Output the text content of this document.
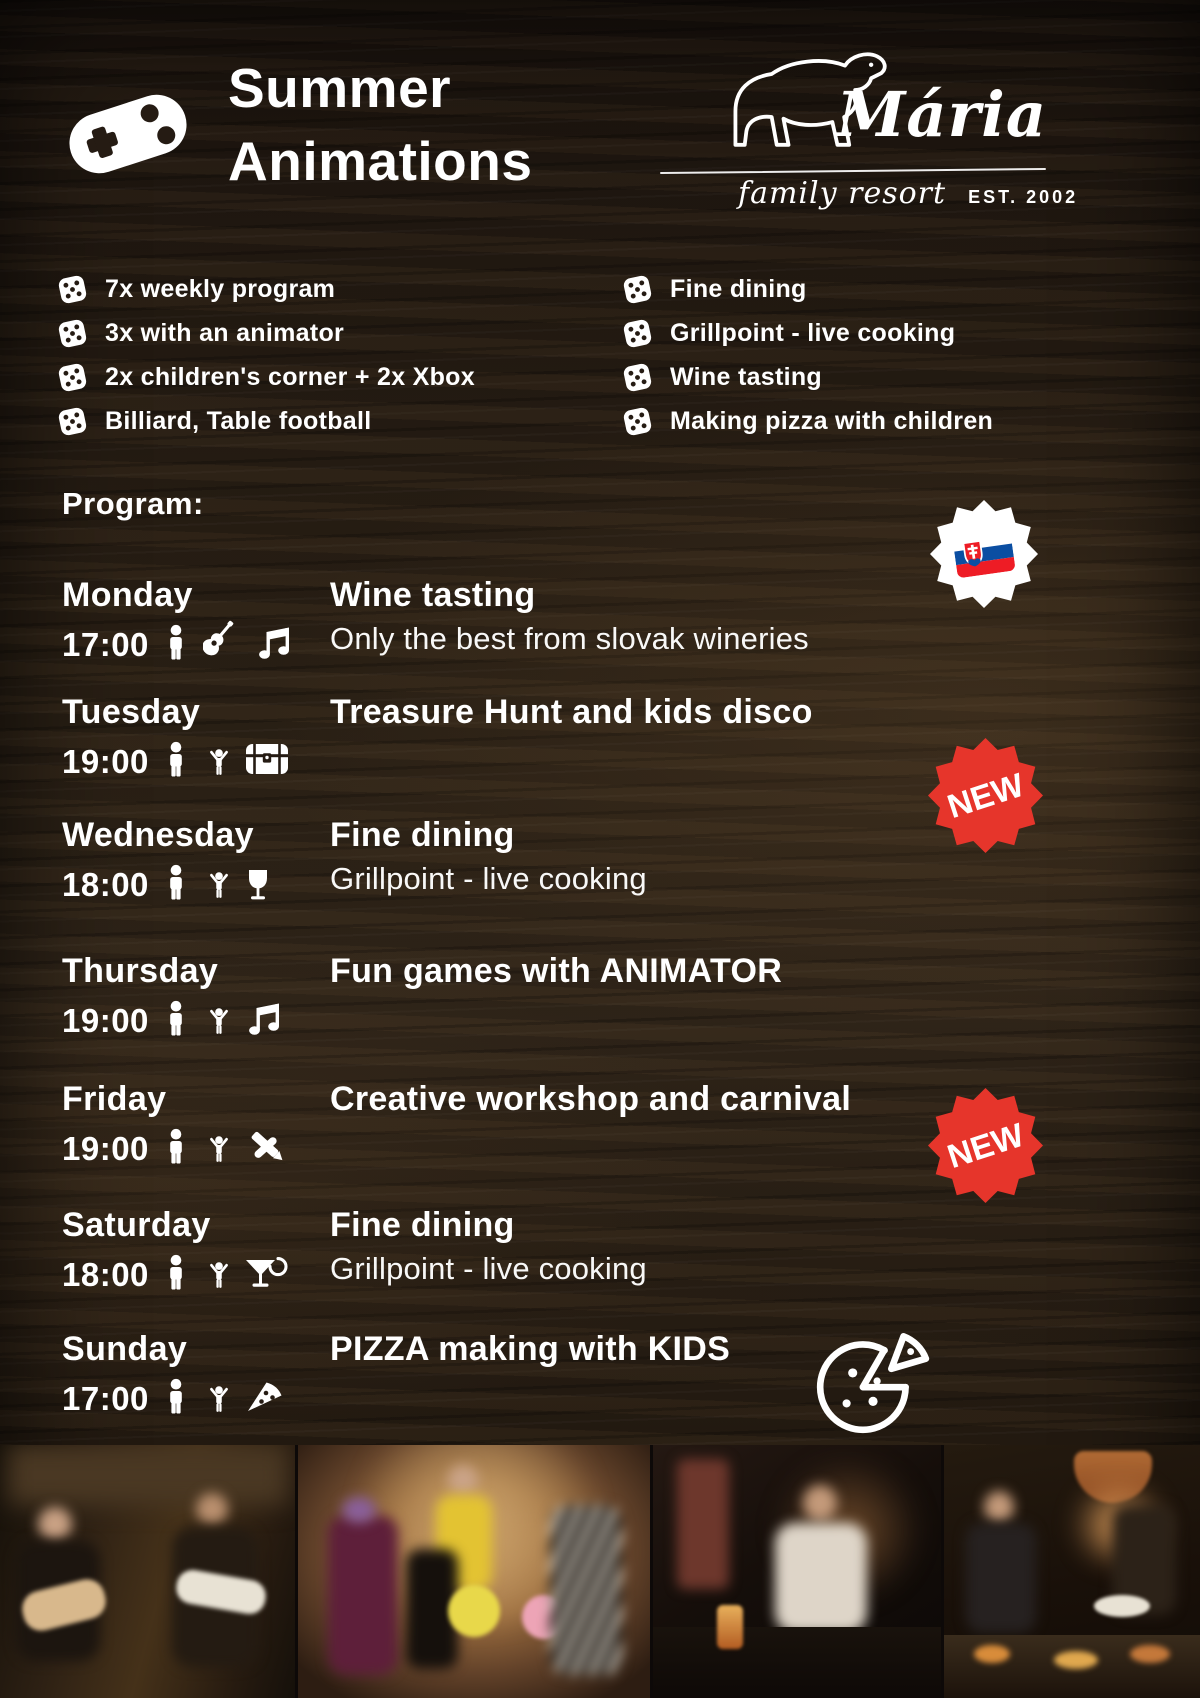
Summer
Animations
Mária
family resort EST. 2002
7x weekly program
3x with an animator
2x children's corner + 2x Xbox
Billiard, Table football
Fine dining
Grillpoint - live cooking
Wine tasting
Making pizza with children
Program:
Monday
17:00
Wine tasting
Only the best from slovak wineries
Tuesday
19:00
Treasure Hunt and kids disco
Wednesday
18:00
Fine dining
Grillpoint - live cooking
Thursday
19:00
Fun games with ANIMATOR
Friday
19:00
Creative workshop and carnival
Saturday
18:00
Fine dining
Grillpoint - live cooking
Sunday
17:00
PIZZA making with KIDS
NEW
NEW
